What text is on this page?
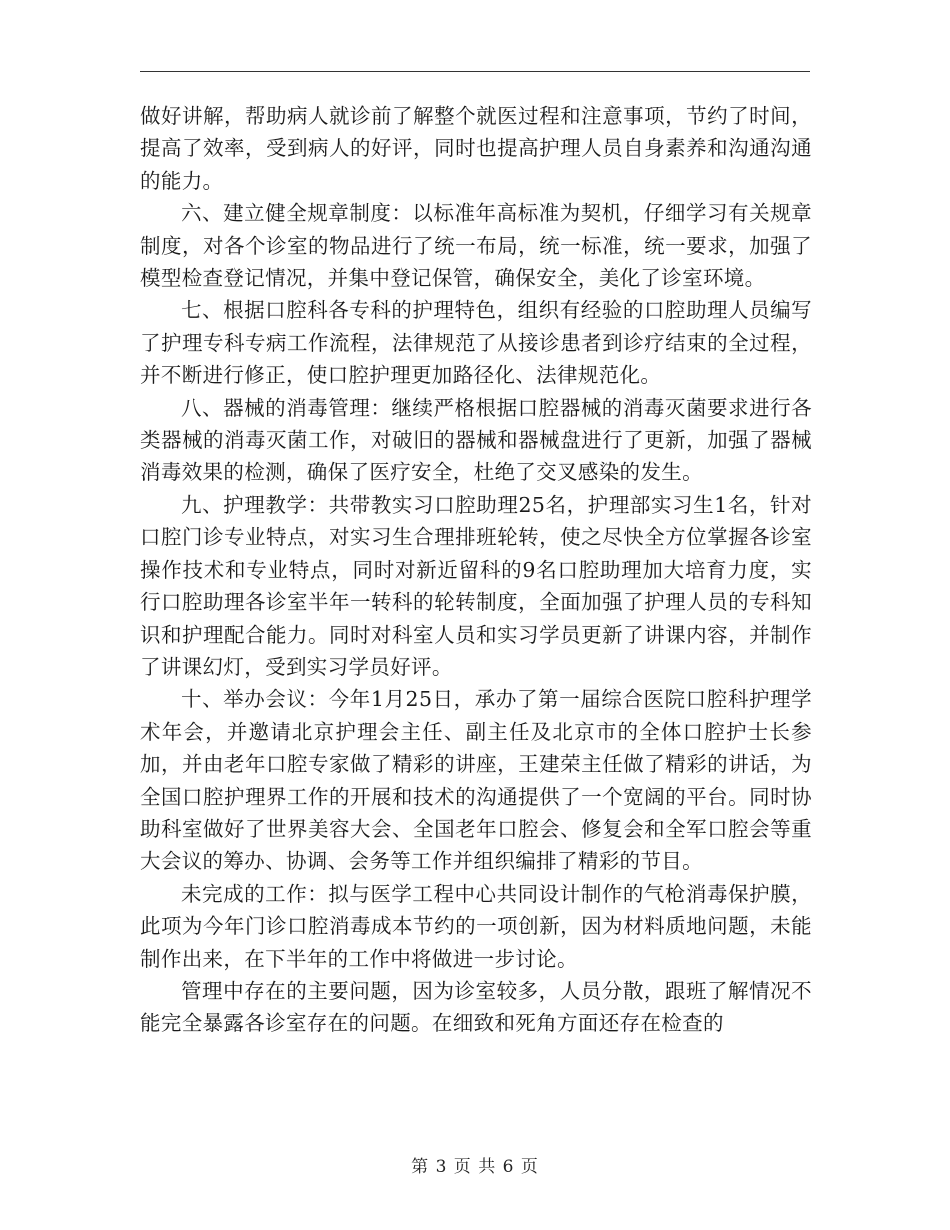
做好讲解，帮助病人就诊前了解整个就医过程和注意事项，节约了时间，提高了效率，受到病人的好评，同时也提高护理人员自身素养和沟通沟通的能力。

六、建立健全规章制度：以标准年高标准为契机，仔细学习有关规章制度，对各个诊室的物品进行了统一布局，统一标准，统一要求，加强了模型检查登记情况，并集中登记保管，确保安全，美化了诊室环境。

七、根据口腔科各专科的护理特色，组织有经验的口腔助理人员编写了护理专科专病工作流程，法律规范了从接诊患者到诊疗结束的全过程，并不断进行修正，使口腔护理更加路径化、法律规范化。

八、器械的消毒管理：继续严格根据口腔器械的消毒灭菌要求进行各类器械的消毒灭菌工作，对破旧的器械和器械盘进行了更新，加强了器械消毒效果的检测，确保了医疗安全，杜绝了交叉感染的发生。

九、护理教学：共带教实习口腔助理25名，护理部实习生1名，针对口腔门诊专业特点，对实习生合理排班轮转，使之尽快全方位掌握各诊室操作技术和专业特点，同时对新近留科的9名口腔助理加大培育力度，实行口腔助理各诊室半年一转科的轮转制度，全面加强了护理人员的专科知识和护理配合能力。同时对科室人员和实习学员更新了讲课内容，并制作了讲课幻灯，受到实习学员好评。

十、举办会议：今年1月25日，承办了第一届综合医院口腔科护理学术年会，并邀请北京护理会主任、副主任及北京市的全体口腔护士长参加，并由老年口腔专家做了精彩的讲座，王建荣主任做了精彩的讲话，为全国口腔护理界工作的开展和技术的沟通提供了一个宽阔的平台。同时协助科室做好了世界美容大会、全国老年口腔会、修复会和全军口腔会等重大会议的筹办、协调、会务等工作并组织编排了精彩的节目。

未完成的工作：拟与医学工程中心共同设计制作的气枪消毒保护膜，此项为今年门诊口腔消毒成本节约的一项创新，因为材料质地问题，未能制作出来，在下半年的工作中将做进一步讨论。

管理中存在的主要问题，因为诊室较多，人员分散，跟班了解情况不能完全暴露各诊室存在的问题。在细致和死角方面还存在检查的

第 3 页 共 6 页
